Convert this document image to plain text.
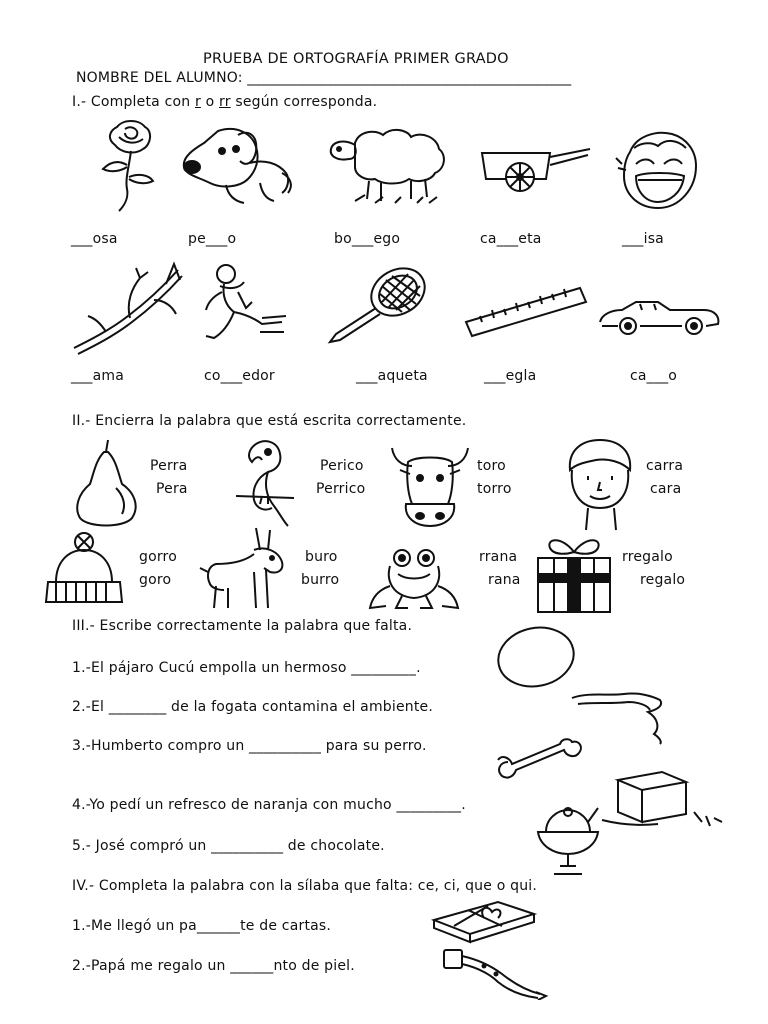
PRUEBA DE ORTOGRAFÍA PRIMER GRADO
NOMBRE DEL ALUMNO: _____________________________________________
I.- Completa con r o rr según corresponda.
___osa	pe___o	bo___ego	ca___eta	___isa
___ama	co___edor	___aqueta	___egla	ca___o
II.- Encierra la palabra que está escrita correctamente.
Perra
Pera
Perico
Perrico
toro
torro
carra
cara
gorro
goro
buro
burro
rrana
rana
rregalo
regalo
III.- Escribe correctamente la palabra que falta.
1.-El pájaro Cucú empolla un hermoso _________.
2.-El ________ de la fogata contamina el ambiente.
3.-Humberto compro un __________ para su perro.
4.-Yo pedí un refresco de naranja con mucho _________.
5.- José compró un __________ de chocolate.
IV.- Completa la palabra con la sílaba que falta: ce, ci, que o qui.
1.-Me llegó un pa______te de cartas.
2.-Papá me regalo un ______nto de piel.
